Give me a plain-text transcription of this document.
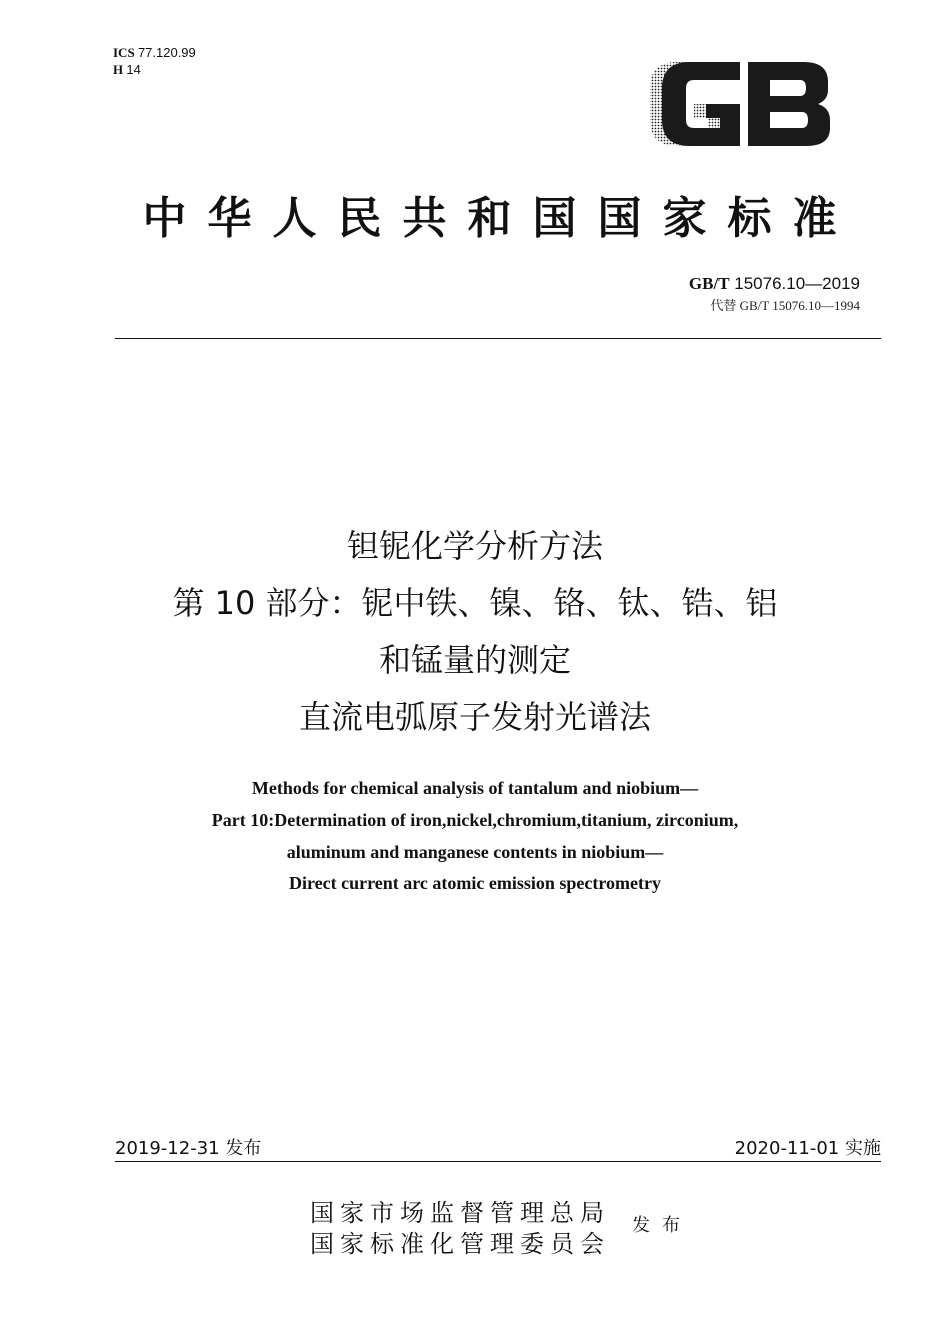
ICS 77.120.99
H 14
中华人民共和国国家标准
GB/T 15076.10—2019
代替 GB/T 15076.10—1994
钽铌化学分析方法
第 10 部分：铌中铁、镍、铬、钛、锆、铝
和锰量的测定
直流电弧原子发射光谱法
Methods for chemical analysis of tantalum and niobium—
Part 10:Determination of iron,nickel,chromium,titanium, zirconium,
aluminum and manganese contents in niobium—
Direct current arc atomic emission spectrometry
2019-12-31 发布	2020-11-01 实施
国家市场监督管理总局
国家标准化管理委员会
发布
